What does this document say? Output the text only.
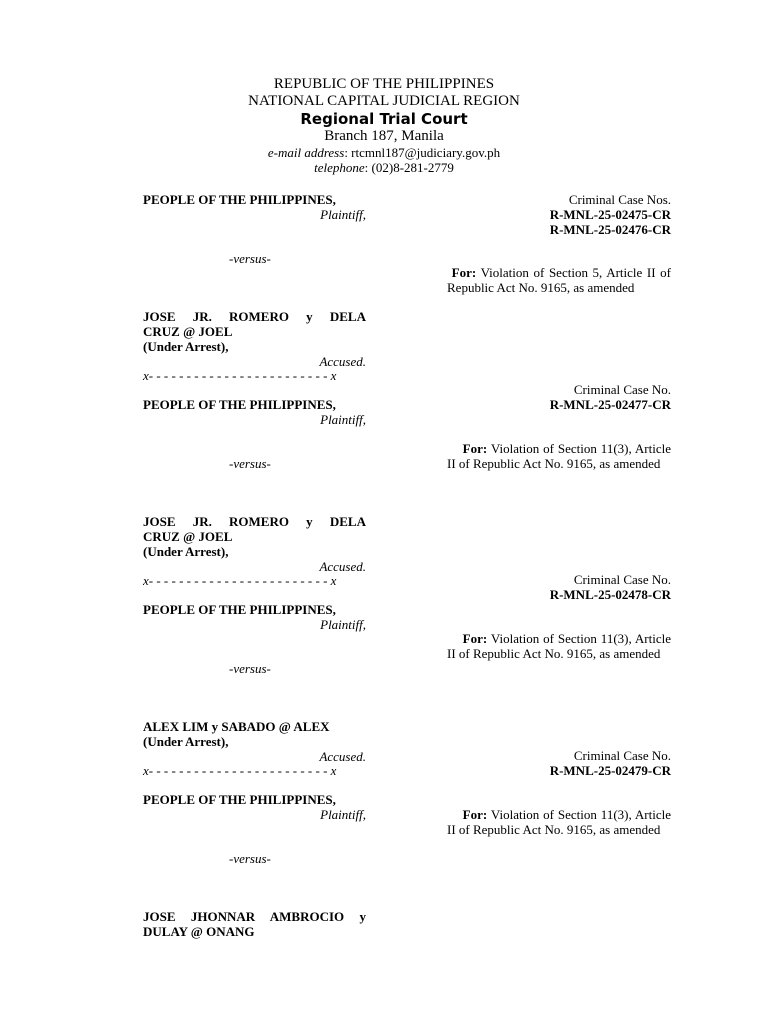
REPUBLIC OF THE PHILIPPINES
NATIONAL CAPITAL JUDICIAL REGION
Regional Trial Court
Branch 187, Manila
e-mail address: rtcmnl187@judiciary.gov.ph
telephone: (02)8-281-2779
PEOPLE OF THE PHILIPPINES,
Plaintiff,
-versus-
JOSE JR. ROMERO y DELA
CRUZ @ JOEL
(Under Arrest),
Accused.
Criminal Case Nos.
R-MNL-25-02475-CR
R-MNL-25-02476-CR
For: Violation of Section 5, Article II of Republic Act No. 9165, as amended
x- - - - - - - - - - - - - - - - - - - - - - - - x
PEOPLE OF THE PHILIPPINES,
Plaintiff,
-versus-
JOSE JR. ROMERO y DELA
CRUZ @ JOEL
(Under Arrest),
Accused.
Criminal Case No.
R-MNL-25-02477-CR
For: Violation of Section 11(3), Article II of Republic Act No. 9165, as amended
x- - - - - - - - - - - - - - - - - - - - - - - - x
PEOPLE OF THE PHILIPPINES,
Plaintiff,
-versus-
ALEX LIM y SABADO @ ALEX
(Under Arrest),
Accused.
Criminal Case No.
R-MNL-25-02478-CR
For: Violation of Section 11(3), Article II of Republic Act No. 9165, as amended
x- - - - - - - - - - - - - - - - - - - - - - - - x
PEOPLE OF THE PHILIPPINES,
Plaintiff,
-versus-
JOSE JHONNAR AMBROCIO y
DULAY @ ONANG
Criminal Case No.
R-MNL-25-02479-CR
For: Violation of Section 11(3), Article II of Republic Act No. 9165, as amended
